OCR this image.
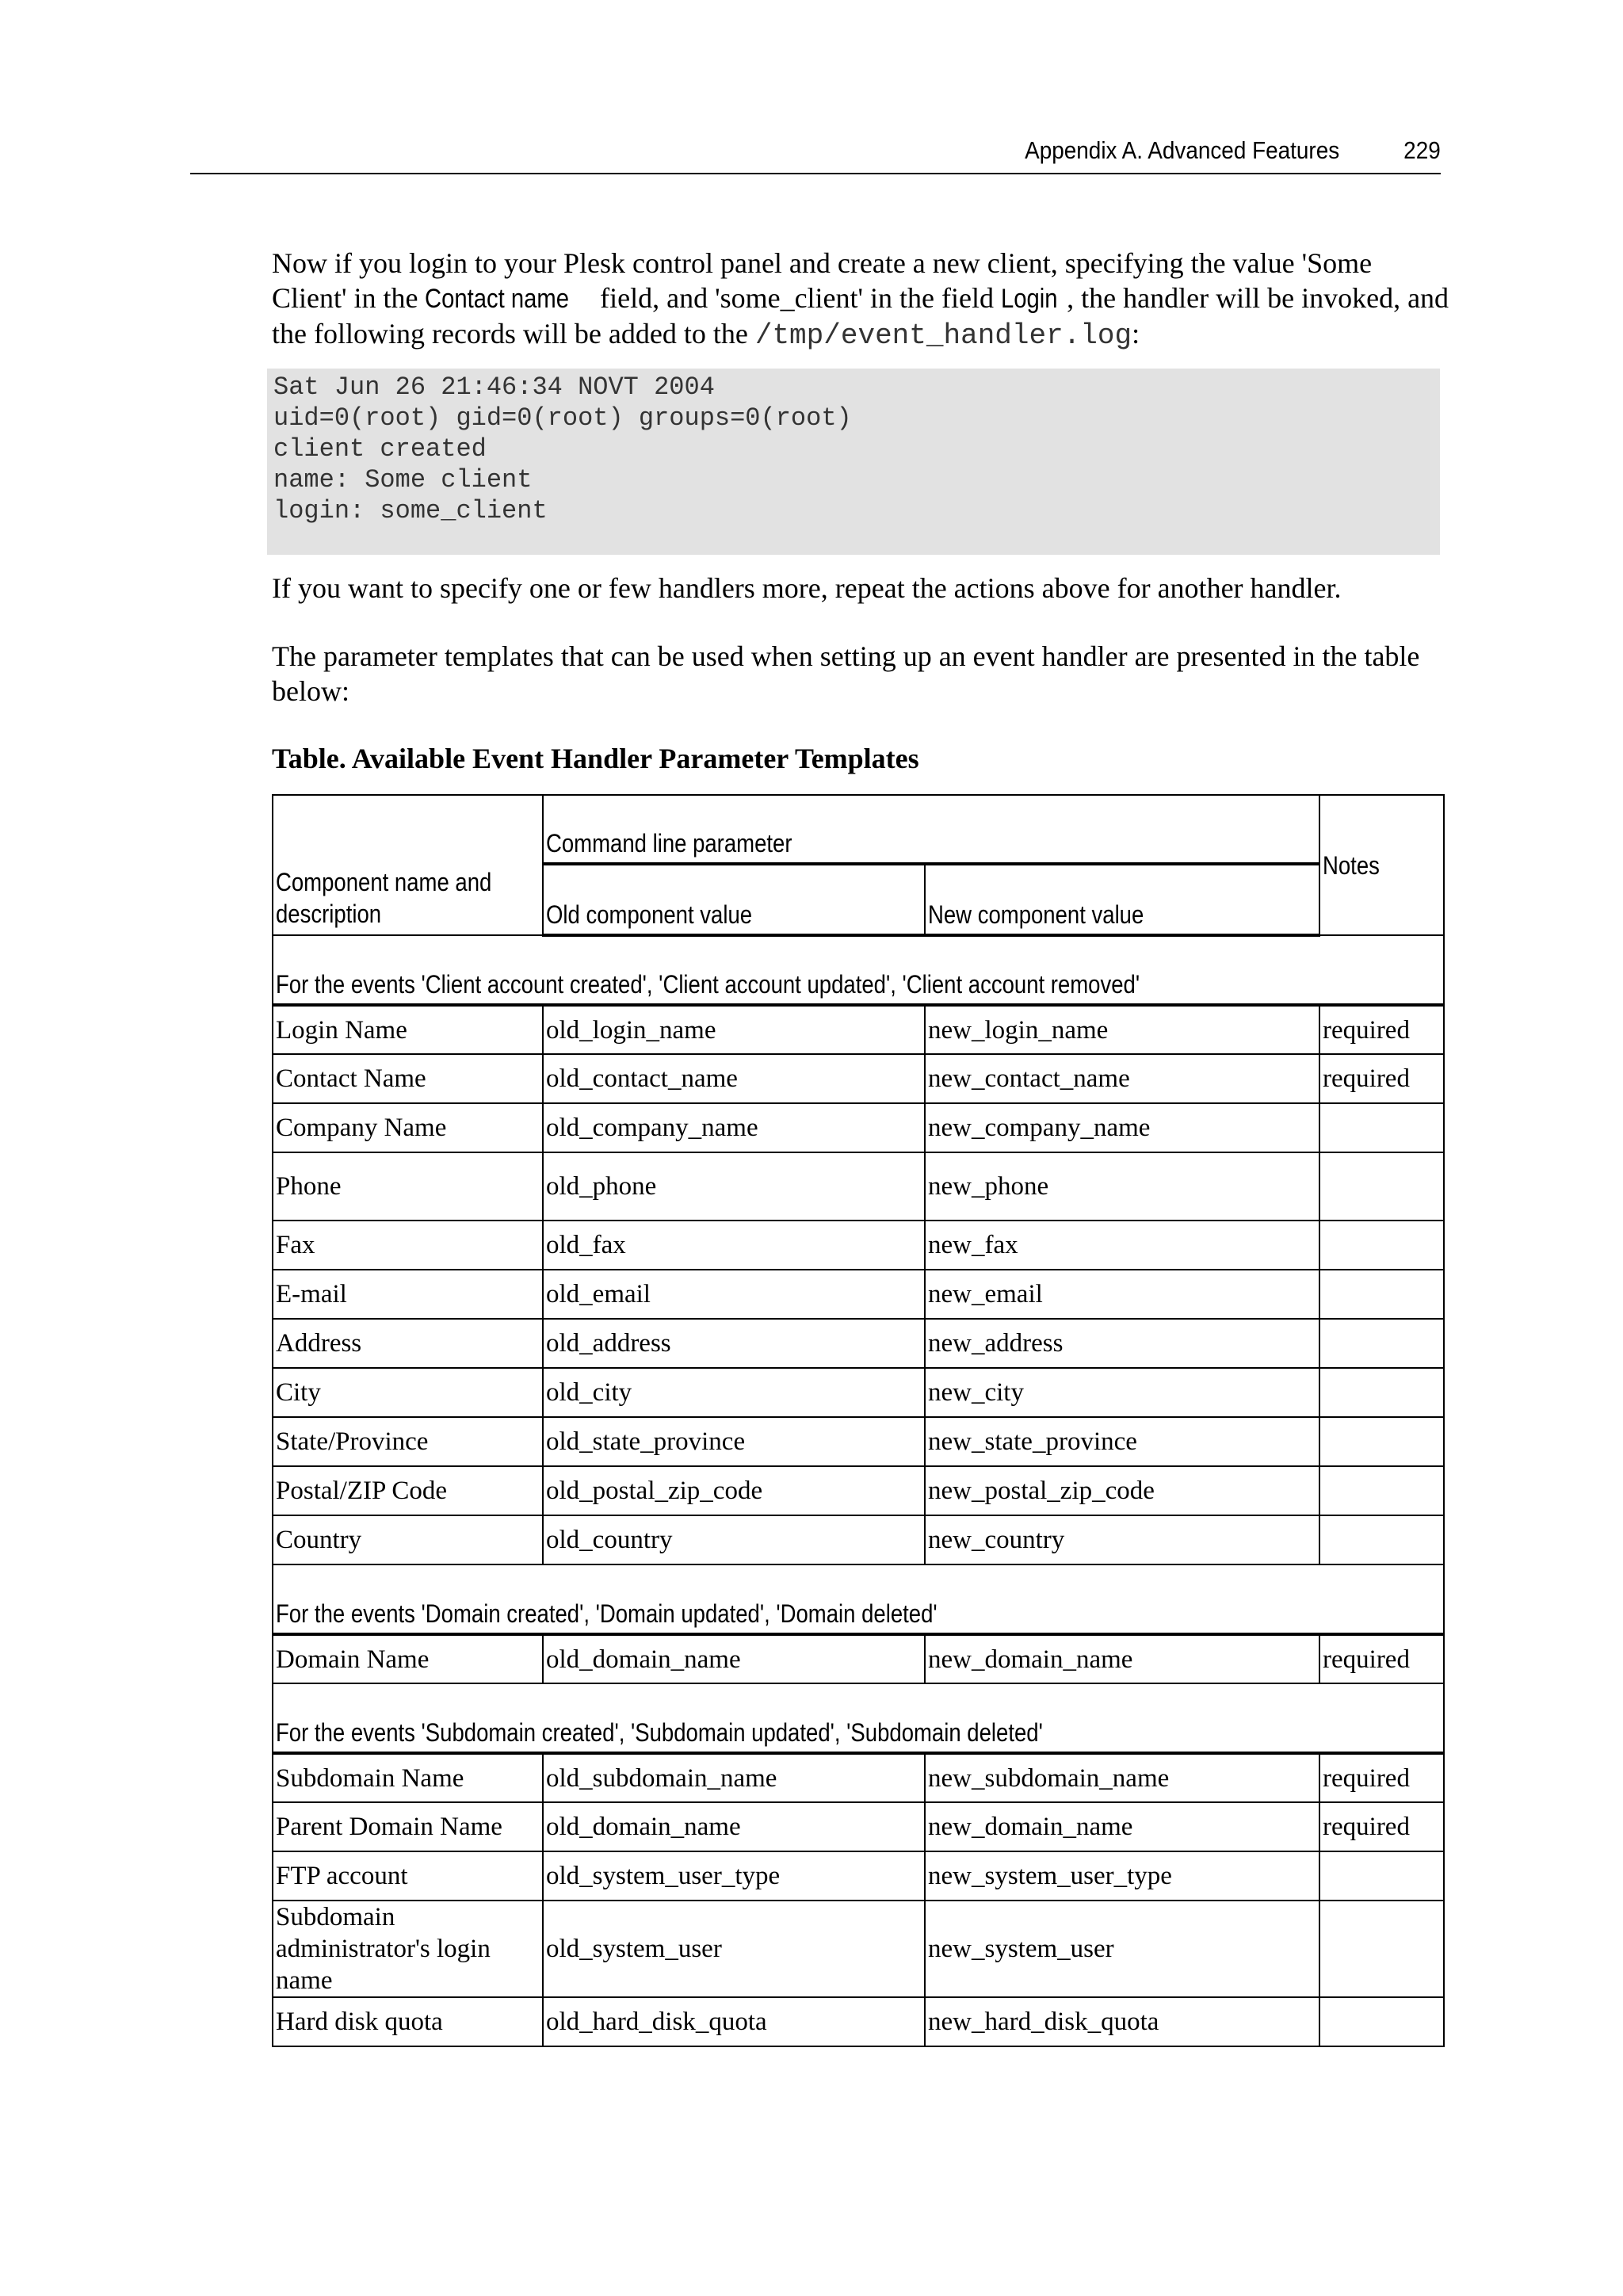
Appendix A. Advanced Features	229
Now if you login to your Plesk control panel and create a new client, specifying the value 'Some Client' in the Contact name field, and 'some_client' in the field Login , the handler will be invoked, and the following records will be added to the /tmp/event_handler.log:
Sat Jun 26 21:46:34 NOVT 2004
uid=0(root) gid=0(root) groups=0(root)
client created
name: Some client
login: some_client
If you want to specify one or few handlers more, repeat the actions above for another handler.
The parameter templates that can be used when setting up an event handler are presented in the table below:
Table. Available Event Handler Parameter Templates
Component name and description	Command line parameter		Notes
	Old component value	New component value	
For the events 'Client account created', 'Client account updated', 'Client account removed'			
Login Name	old_login_name	new_login_name	required
Contact Name	old_contact_name	new_contact_name	required
Company Name	old_company_name	new_company_name	
Phone	old_phone	new_phone	
Fax	old_fax	new_fax	
E-mail	old_email	new_email	
Address	old_address	new_address	
City	old_city	new_city	
State/Province	old_state_province	new_state_province	
Postal/ZIP Code	old_postal_zip_code	new_postal_zip_code	
Country	old_country	new_country	
For the events 'Domain created', 'Domain updated', 'Domain deleted'			
Domain Name	old_domain_name	new_domain_name	required
For the events 'Subdomain created', 'Subdomain updated', 'Subdomain deleted'			
Subdomain Name	old_subdomain_name	new_subdomain_name	required
Parent Domain Name	old_domain_name	new_domain_name	required
FTP account	old_system_user_type	new_system_user_type	
Subdomain administrator's login name	old_system_user	new_system_user	
Hard disk quota	old_hard_disk_quota	new_hard_disk_quota	
